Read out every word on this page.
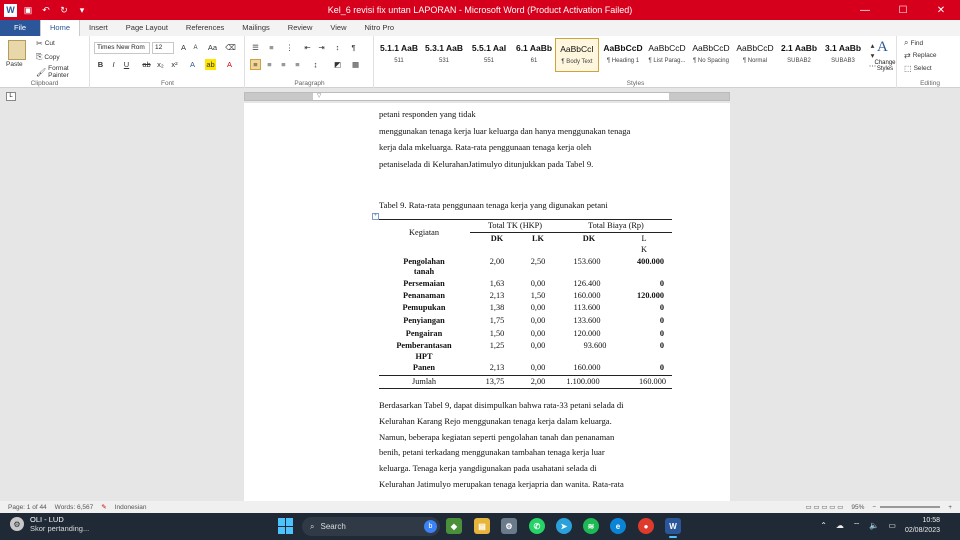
W ▣	↶	↻	▾	Kel_6 revisi fix untan LAPORAN - Microsoft Word (Product Activation Failed)	—	☐	✕
File	Home	Insert	Page Layout	References	Mailings	Review	View	Nitro Pro
Paste
✂ Cut
⎘ Copy
🖌 Format Painter
Clipboard
Times New Rom	12	A	A	Aa ⌫
B	I	U	ab x₂	x²	A	ab	A
Font
☰	≡	⋮	⇤	⇥	↕	¶
≡	≡	≡	≡	↨	◩ ▦
Paragraph
5.1.1 AaB
511
5.3.1 AaB
531
5.5.1 AaI
551
6.1 AaBb
61
AaBbCcI
¶ Body Text
AaBbCcD
¶ Heading 1
AaBbCcD
¶ List Parag...
AaBbCcD
¶ No Spacing
AaBbCcD
¶ Normal
2.1 AaBb
SUBAB2
3.1 AaBb
SUBAB3
▴
▾
⋯
Styles
A
Change Styles
⌕ Find
⇄ Replace
⬚ Select
Editing
L	▽
petani responden yang tidak
menggunakan tenaga kerja luar keluarga dan hanya menggunakan tenaga
kerja dala mkeluarga. Rata-rata penggunaan tenaga kerja oleh
petaniselada di KelurahanJatimulyo ditunjukkan pada Tabel 9.
Tabel 9. Rata-rata penggunaan tenaga kerja yang digunakan petani
+
Kegiatan
Total TK (HKP)	Total Biaya (Rp)
DK	LK	DK	L
K
Pengolahan
tanah
2,00	2,50	153.600	400.000
Persemaian	1,63	0,00	126.400	0
Penanaman	2,13	1,50	160.000	120.000
Pemupukan	1,38	0,00	113.600	0
Penyiangan	1,75	0,00	133.600	0
Pengairan	1,50	0,00	120.000	0
Pemberantasan
HPT
1,25	0,00	93.600	0
Panen	2,13	0,00	160.000	0
Jumlah	13,75	2,00	1.100.000	160.000
Berdasarkan Tabel 9, dapat disimpulkan bahwa rata-33 petani selada di
Kelurahan Karang Rejo menggunakan tenaga kerja dalam keluarga.
Namun, beberapa kegiatan seperti pengolahan tanah dan penanaman
benih, petani terkadang menggunakan tambahan tenaga kerja luar
keluarga. Tenaga kerja yangdigunakan pada usahatani selada di
Kelurahan Jatimulyo merupakan tenaga kerjapria dan wanita. Rata-rata
Page: 1 of 44 Words: 6,567 ✎ Indonesian	▭ ▭ ▭ ▭ ▭ 95% −	+
⚙	OLI - LUD
Skor pertanding...	⌕ Search	b	◆	▤	⚙	✆	➤	≋	e	●	W	⌃ ☁ ⌔ 🔈 ▭
10:58
02/08/2023
